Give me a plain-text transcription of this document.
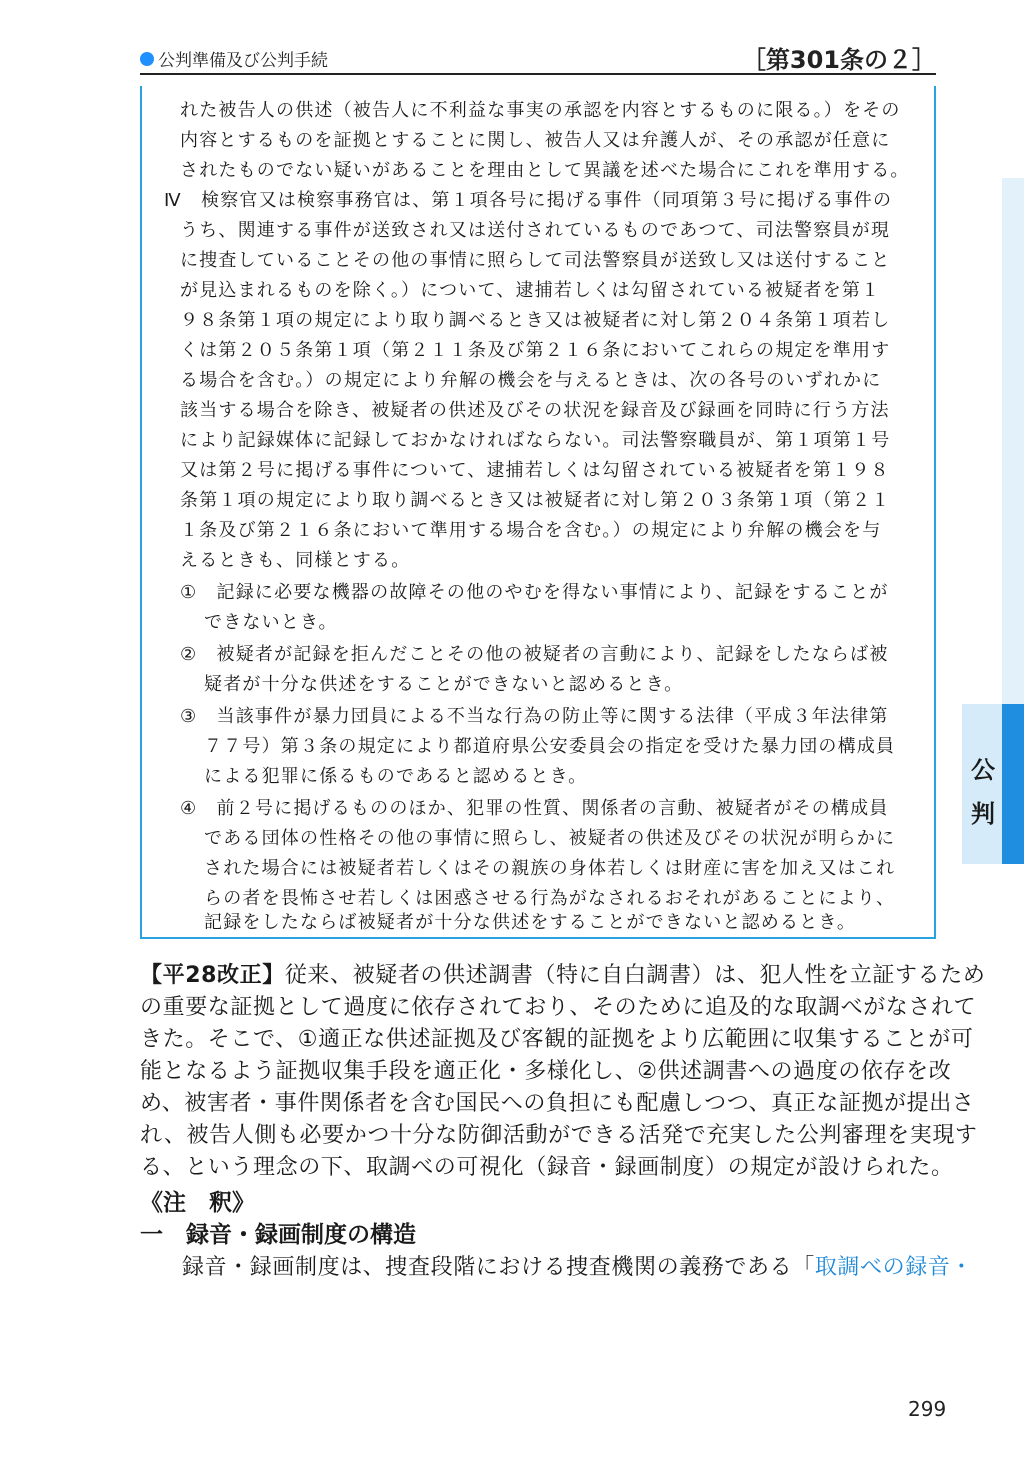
公判準備及び公判手続	［第301条の２］
れた被告人の供述（被告人に不利益な事実の承認を内容とするものに限る。）をその
内容とするものを証拠とすることに関し、被告人又は弁護人が、その承認が任意に
されたものでない疑いがあることを理由として異議を述べた場合にこれを準用する。
Ⅳ　検察官又は検察事務官は、第１項各号に掲げる事件（同項第３号に掲げる事件の
うち、関連する事件が送致され又は送付されているものであつて、司法警察員が現
に捜査していることその他の事情に照らして司法警察員が送致し又は送付すること
が見込まれるものを除く。）について、逮捕若しくは勾留されている被疑者を第１
９８条第１項の規定により取り調べるとき又は被疑者に対し第２０４条第１項若し
くは第２０５条第１項（第２１１条及び第２１６条においてこれらの規定を準用す
る場合を含む。）の規定により弁解の機会を与えるときは、次の各号のいずれかに
該当する場合を除き、被疑者の供述及びその状況を録音及び録画を同時に行う方法
により記録媒体に記録しておかなければならない。司法警察職員が、第１項第１号
又は第２号に掲げる事件について、逮捕若しくは勾留されている被疑者を第１９８
条第１項の規定により取り調べるとき又は被疑者に対し第２０３条第１項（第２１
１条及び第２１６条において準用する場合を含む。）の規定により弁解の機会を与
えるときも、同様とする。
①　記録に必要な機器の故障その他のやむを得ない事情により、記録をすることが
できないとき。
②　被疑者が記録を拒んだことその他の被疑者の言動により、記録をしたならば被
疑者が十分な供述をすることができないと認めるとき。
③　当該事件が暴力団員による不当な行為の防止等に関する法律（平成３年法律第
７７号）第３条の規定により都道府県公安委員会の指定を受けた暴力団の構成員
による犯罪に係るものであると認めるとき。
④　前２号に掲げるもののほか、犯罪の性質、関係者の言動、被疑者がその構成員
である団体の性格その他の事情に照らし、被疑者の供述及びその状況が明らかに
された場合には被疑者若しくはその親族の身体若しくは財産に害を加え又はこれ
らの者を畏怖させ若しくは困惑させる行為がなされるおそれがあることにより、
記録をしたならば被疑者が十分な供述をすることができないと認めるとき。
【平28改正】従来、被疑者の供述調書（特に自白調書）は、犯人性を立証するため
の重要な証拠として過度に依存されており、そのために追及的な取調べがなされて
きた。そこで、①適正な供述証拠及び客観的証拠をより広範囲に収集することが可
能となるよう証拠収集手段を適正化・多様化し、②供述調書への過度の依存を改
め、被害者・事件関係者を含む国民への負担にも配慮しつつ、真正な証拠が提出さ
れ、被告人側も必要かつ十分な防御活動ができる活発で充実した公判審理を実現す
る、という理念の下、取調べの可視化（録音・録画制度）の規定が設けられた。
《注　釈》
一　録音・録画制度の構造
録音・録画制度は、捜査段階における捜査機関の義務である「取調べの録音・
公
判
299
